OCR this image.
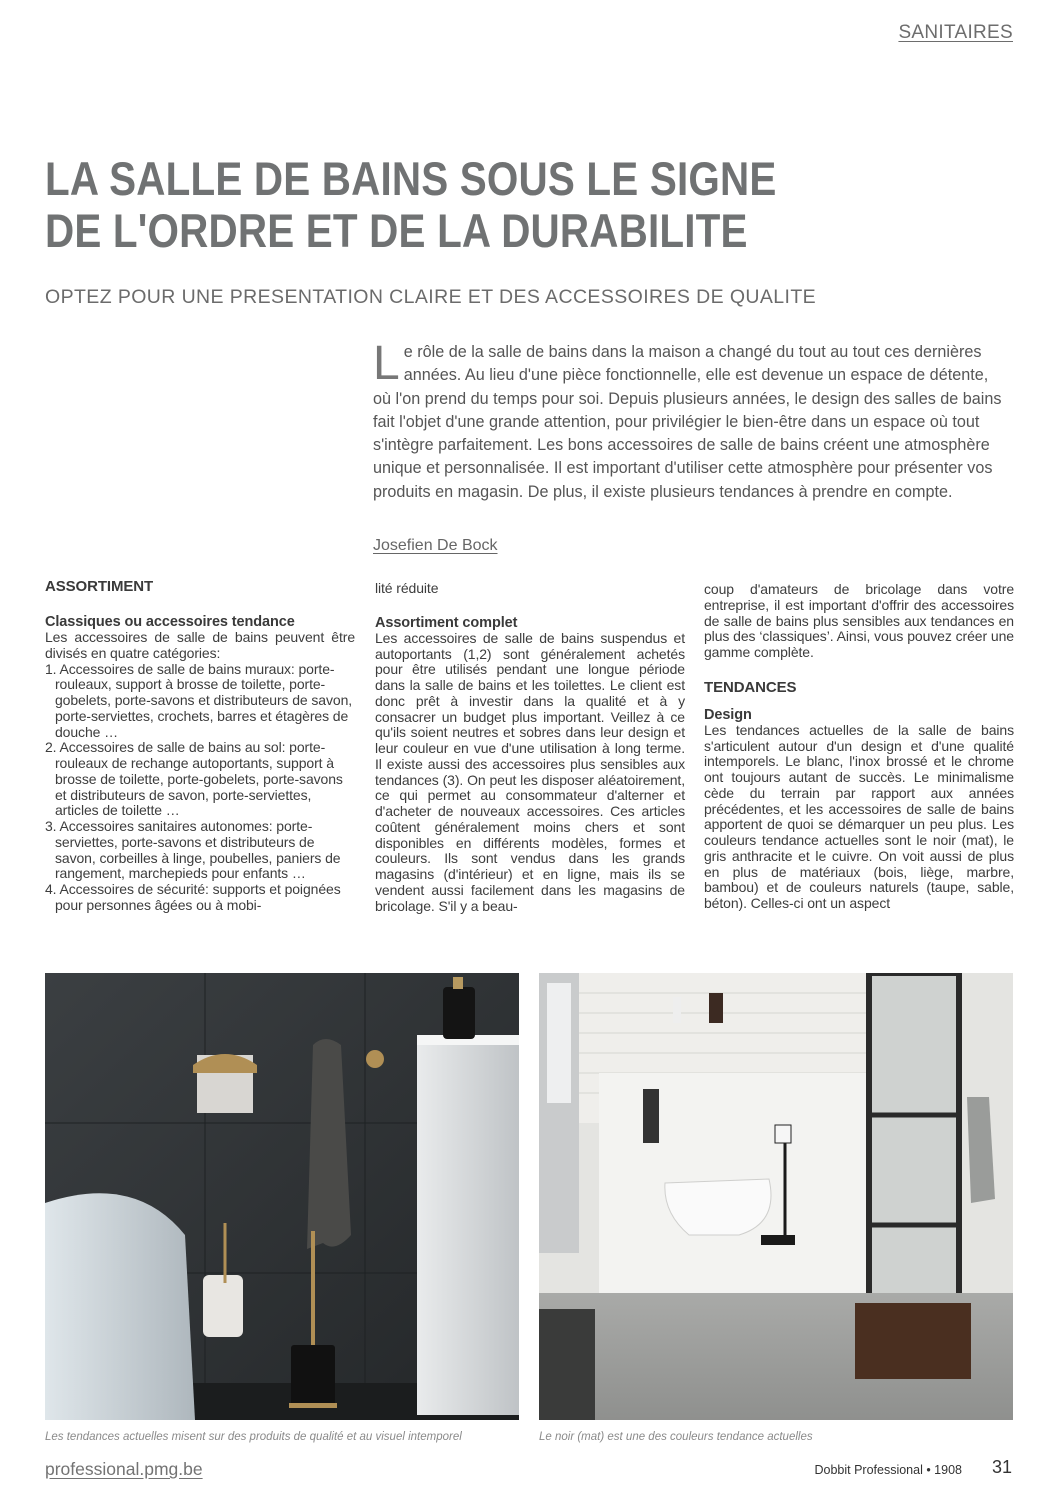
SANITAIRES
LA SALLE DE BAINS SOUS LE SIGNE
DE L'ORDRE ET DE LA DURABILITE
OPTEZ POUR UNE PRESENTATION CLAIRE ET DES ACCESSOIRES DE QUALITE

Le rôle de la salle de bains dans la maison a changé du tout au tout ces dernières années. Au lieu d'une pièce fonctionnelle, elle est devenue un espace de détente, où l'on prend du temps pour soi. Depuis plusieurs années, le design des salles de bains fait l'objet d'une grande attention, pour privilégier le bien-être dans un espace où tout s'intègre parfaitement. Les bons accessoires de salle de bains créent une atmosphère unique et personnalisée. Il est important d'utiliser cette atmosphère pour présenter vos produits en magasin. De plus, il existe plusieurs tendances à prendre en compte.

Josefien De Bock
ASSORTIMENT
Classiques ou accessoires tendance

Les accessoires de salle de bains peuvent être divisés en quatre catégories:

1. Accessoires de salle de bains muraux: porte-rouleaux, support à brosse de toilette, porte-gobelets, porte-savons et distributeurs de savon, porte-serviettes, crochets, barres et étagères de douche …
2. Accessoires de salle de bains au sol: porte-rouleaux de rechange autoportants, support à brosse de toilette, porte-gobelets, porte-savons et distributeurs de savon, porte-serviettes, articles de toilette …
3. Accessoires sanitaires autonomes: porte-serviettes, porte-savons et distributeurs de savon, corbeilles à linge, poubelles, paniers de rangement, marchepieds pour enfants …
4. Accessoires de sécurité: supports et poignées pour personnes âgées ou à mobi-

lité réduite

Assortiment complet

Les accessoires de salle de bains suspendus et autoportants (1,2) sont généralement achetés pour être utilisés pendant une longue période dans la salle de bains et les toilettes. Le client est donc prêt à investir dans la qualité et à y consacrer un budget plus important. Veillez à ce qu'ils soient neutres et sobres dans leur design et leur couleur en vue d'une utilisation à long terme. Il existe aussi des accessoires plus sensibles aux tendances (3). On peut les disposer aléatoirement, ce qui permet au consommateur d'alterner et d'acheter de nouveaux accessoires. Ces articles coûtent généralement moins chers et sont disponibles en différents modèles, formes et couleurs. Ils sont vendus dans les grands magasins (d'intérieur) et en ligne, mais ils se vendent aussi facilement dans les magasins de bricolage. S'il y a beau-

coup d'amateurs de bricolage dans votre entreprise, il est important d'offrir des accessoires de salle de bains plus sensibles aux tendances en plus des ‘classiques’. Ainsi, vous pouvez créer une gamme complète.

TENDANCES
Design

Les tendances actuelles de la salle de bains s'articulent autour d'un design et d'une qualité intemporels. Le blanc, l'inox brossé et le chrome ont toujours autant de succès. Le minimalisme cède du terrain par rapport aux années précédentes, et les accessoires de salle de bains apportent de quoi se démarquer un peu plus. Les couleurs tendance actuelles sont le noir (mat), le gris anthracite et le cuivre. On voit aussi de plus en plus de matériaux (bois, liège, marbre, bambou) et de couleurs naturels (taupe, sable, béton). Celles-ci ont un aspect

Les tendances actuelles misent sur des produits de qualité et au visuel intemporel	Le noir (mat) est une des couleurs tendance actuelles
professional.pmg.be	Dobbit Professional • 1908 31
